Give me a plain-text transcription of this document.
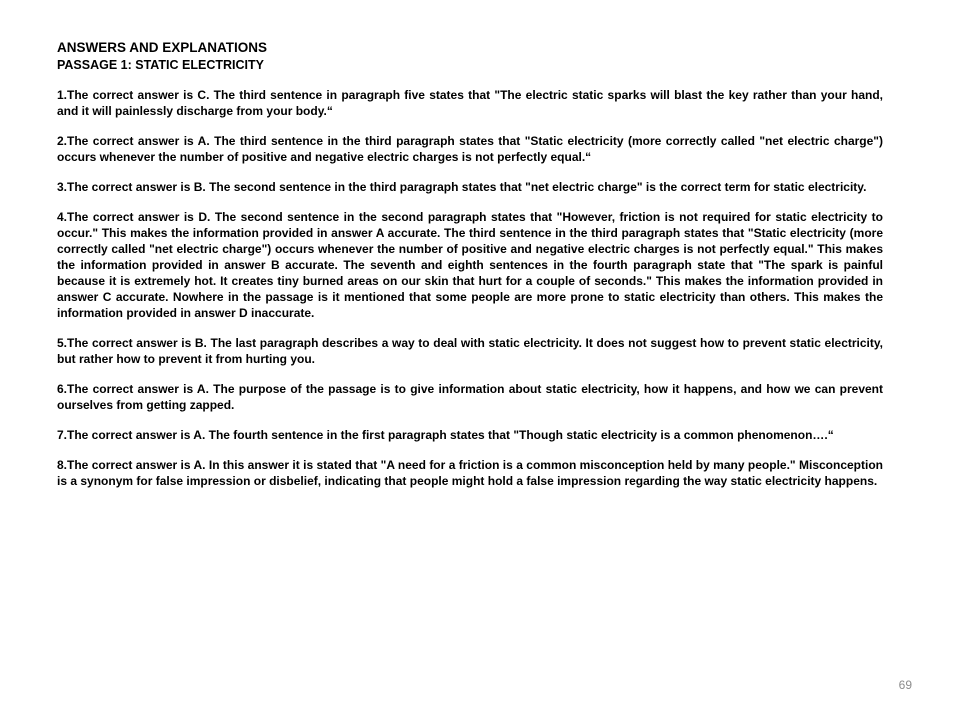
ANSWERS AND EXPLANATIONS
PASSAGE 1: STATIC ELECTRICITY

1.The correct answer is C. The third sentence in paragraph five states that "The electric static sparks will blast the key rather than your hand, and it will painlessly discharge from your body.“

2.The correct answer is A. The third sentence in the third paragraph states that "Static electricity (more correctly called "net electric charge") occurs whenever the number of positive and negative electric charges is not perfectly equal.“

3.The correct answer is B. The second sentence in the third paragraph states that "net electric charge" is the correct term for static electricity.

4.The correct answer is D. The second sentence in the second paragraph states that "However, friction is not required for static electricity to occur." This makes the information provided in answer A accurate. The third sentence in the third paragraph states that "Static electricity (more correctly called "net electric charge") occurs whenever the number of positive and negative electric charges is not perfectly equal." This makes the information provided in answer B accurate. The seventh and eighth sentences in the fourth paragraph state that "The spark is painful because it is extremely hot. It creates tiny burned areas on our skin that hurt for a couple of seconds." This makes the information provided in answer C accurate. Nowhere in the passage is it mentioned that some people are more prone to static electricity than others. This makes the information provided in answer D inaccurate.

5.The correct answer is B. The last paragraph describes a way to deal with static electricity. It does not suggest how to prevent static electricity, but rather how to prevent it from hurting you.

6.The correct answer is A. The purpose of the passage is to give information about static electricity, how it happens, and how we can prevent ourselves from getting zapped.

7.The correct answer is A. The fourth sentence in the first paragraph states that "Though static electricity is a common phenomenon….“

8.The correct answer is A. In this answer it is stated that "A need for a friction is a common misconception held by many people." Misconception is a synonym for false impression or disbelief, indicating that people might hold a false impression regarding the way static electricity happens.

69
